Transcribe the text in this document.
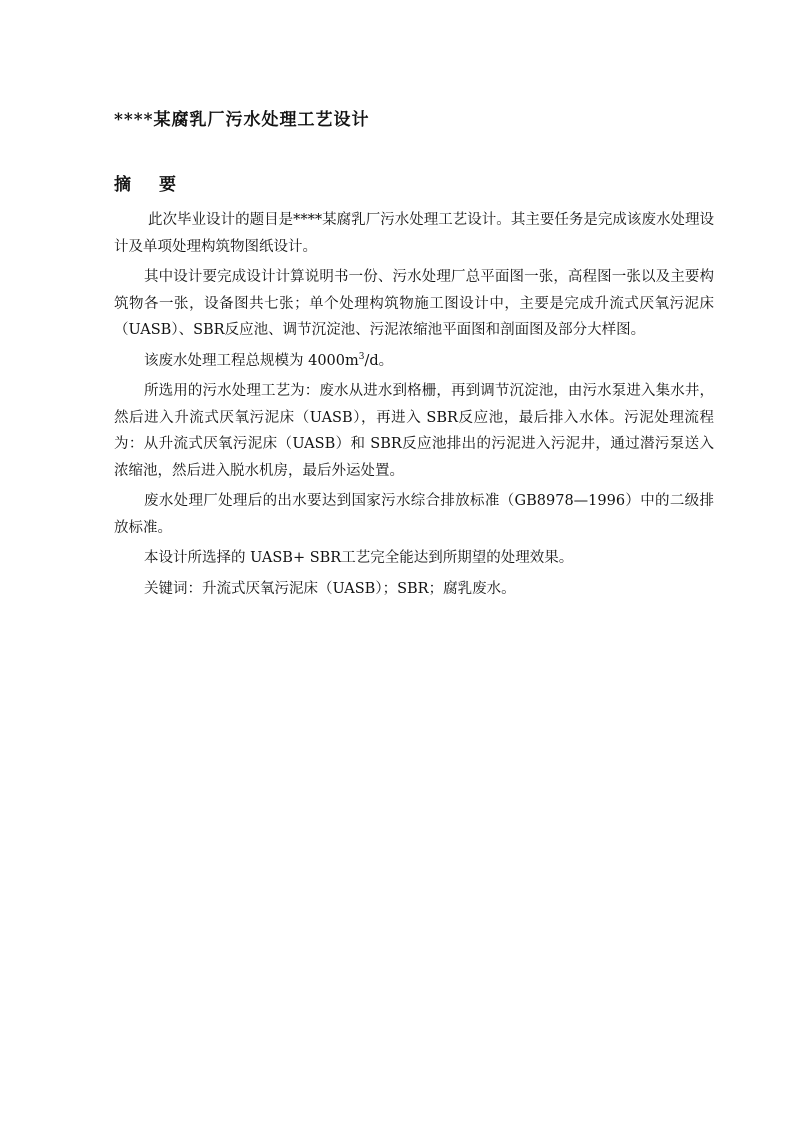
****某腐乳厂污水处理工艺设计
摘要

此次毕业设计的题目是****某腐乳厂污水处理工艺设计。其主要任务是完成该废水处理设计及单项处理构筑物图纸设计。

其中设计要完成设计计算说明书一份、污水处理厂总平面图一张，高程图一张以及主要构筑物各一张，设备图共七张；单个处理构筑物施工图设计中，主要是完成升流式厌氧污泥床（UASB）、SBR反应池、调节沉淀池、污泥浓缩池平面图和剖面图及部分大样图。

该废水处理工程总规模为 $4000m^3/d$。

所选用的污水处理工艺为：废水从进水到格栅，再到调节沉淀池，由污水泵进入集水井，然后进入升流式厌氧污泥床（UASB），再进入 SBR反应池，最后排入水体。污泥处理流程为：从升流式厌氧污泥床（UASB）和 SBR反应池排出的污泥进入污泥井，通过潜污泵送入浓缩池，然后进入脱水机房，最后外运处置。

废水处理厂处理后的出水要达到国家污水综合排放标准（GB8978—1996）中的二级排放标准。

本设计所选择的 UASB+ SBR工艺完全能达到所期望的处理效果。

关键词：升流式厌氧污泥床（UASB）；SBR；腐乳废水。
